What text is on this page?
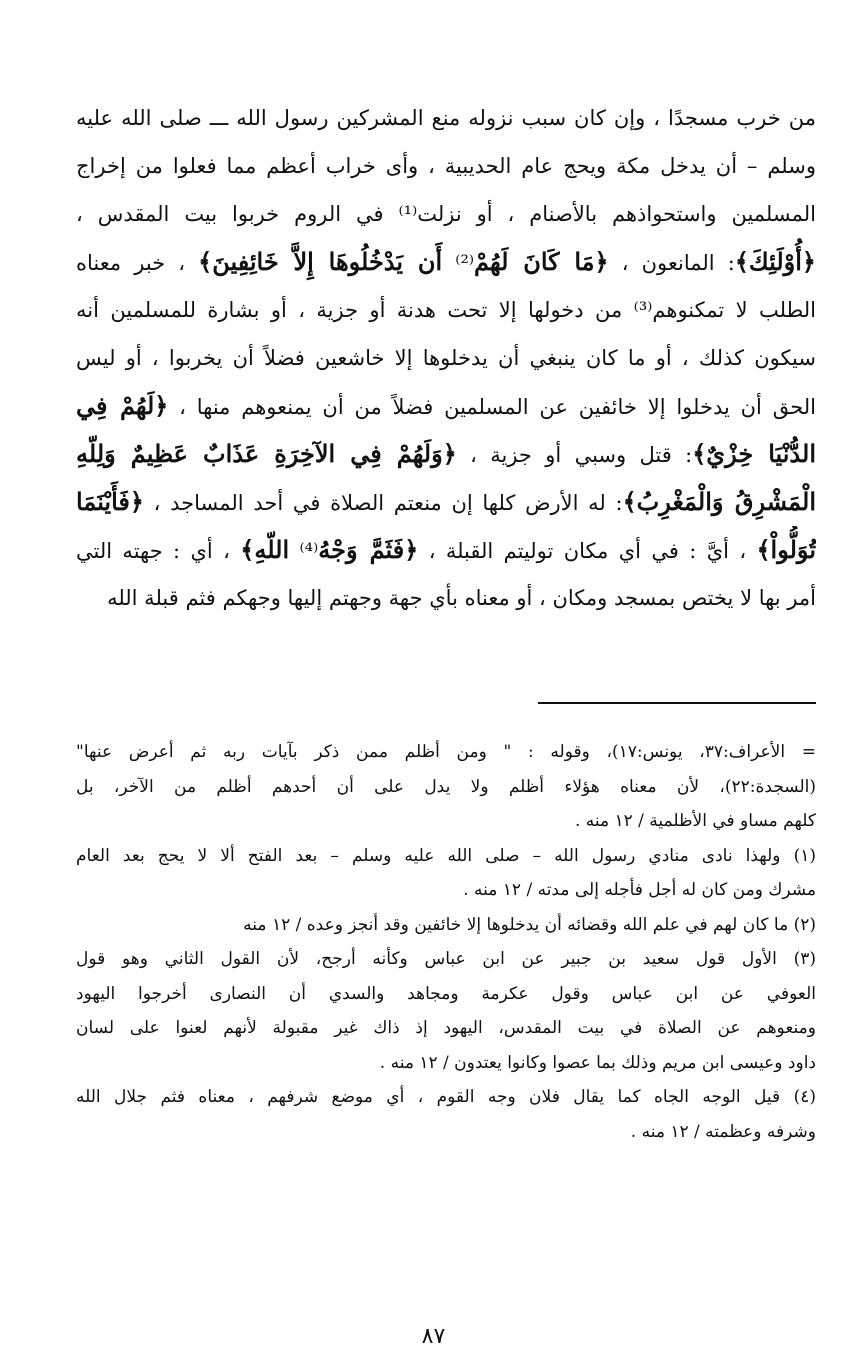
من خرب مسجدًا ، وإن كان سبب نزوله منع المشركين رسول الله ـــ صلى الله عليه
وسلم – أن يدخل مكة ويحج عام الحديبية ، وأى خراب أعظم مما فعلوا من إخراج
المسلمين واستحواذهم بالأصنام ، أو نزلت⁽¹⁾ في الروم خربوا بيت المقدس ،
﴿أُوْلَئِكَ﴾: المانعون ، ﴿مَا كَانَ لَهُمْ⁽²⁾ أَن يَدْخُلُوهَا إِلاَّ خَائِفِينَ﴾ ، خبر معناه
الطلب لا تمكنوهم⁽³⁾ من دخولها إلا تحت هدنة أو جزية ، أو بشارة للمسلمين أنه
سيكون كذلك ، أو ما كان ينبغي أن يدخلوها إلا خاشعين فضلاً أن يخربوا ، أو ليس
الحق أن يدخلوا إلا خائفين عن المسلمين فضلاً من أن يمنعوهم منها ، ﴿لَهُمْ فِي
الدُّنْيَا خِزْيٌ﴾: قتل وسبي أو جزية ، ﴿وَلَهُمْ فِي الآخِرَةِ عَذَابٌ عَظِيمٌ وَلِلّهِ
الْمَشْرِقُ وَالْمَغْرِبُ﴾: له الأرض كلها إن منعتم الصلاة في أحد المساجد ، ﴿فَأَيْنَمَا
تُوَلُّواْ﴾ ، أيَّ : في أي مكان توليتم القبلة ، ﴿فَثَمَّ وَجْهُ⁽⁴⁾ اللّهِ﴾ ، أي : جهته التي
أمر بها لا يختص بمسجد ومكان ، أو معناه بأي جهة وجهتم إليها وجهكم فثم قبلة الله
= الأعراف:٣٧، يونس:١٧)، وقوله : " ومن أظلم ممن ذكر بآيات ربه ثم أعرض عنها"
(السجدة:٢٢)، لأن معناه هؤلاء أظلم ولا يدل على أن أحدهم أظلم من الآخر، بل
كلهم مساو في الأظلمية / ١٢ منه .
(١) ولهذا نادى منادي رسول الله – صلى الله عليه وسلم – بعد الفتح ألا لا يحج بعد العام
مشرك ومن كان له أجل فأجله إلى مدته / ١٢ منه .
(٢) ما كان لهم في علم الله وقضائه أن يدخلوها إلا خائفين وقد أنجز وعده / ١٢ منه
(٣) الأول قول سعيد بن جبير عن ابن عباس وكأنه أرجح، لأن القول الثاني وهو قول
العوفي عن ابن عباس وقول عكرمة ومجاهد والسدي أن النصارى أخرجوا اليهود
ومنعوهم عن الصلاة في بيت المقدس، اليهود إذ ذاك غير مقبولة لأنهم لعنوا على لسان
داود وعيسى ابن مريم وذلك بما عصوا وكانوا يعتدون / ١٢ منه .
(٤) قيل الوجه الجاه كما يقال فلان وجه القوم ، أي موضع شرفهم ، معناه فثم جلال الله
وشرفه وعظمته / ١٢ منه .
٨٧
